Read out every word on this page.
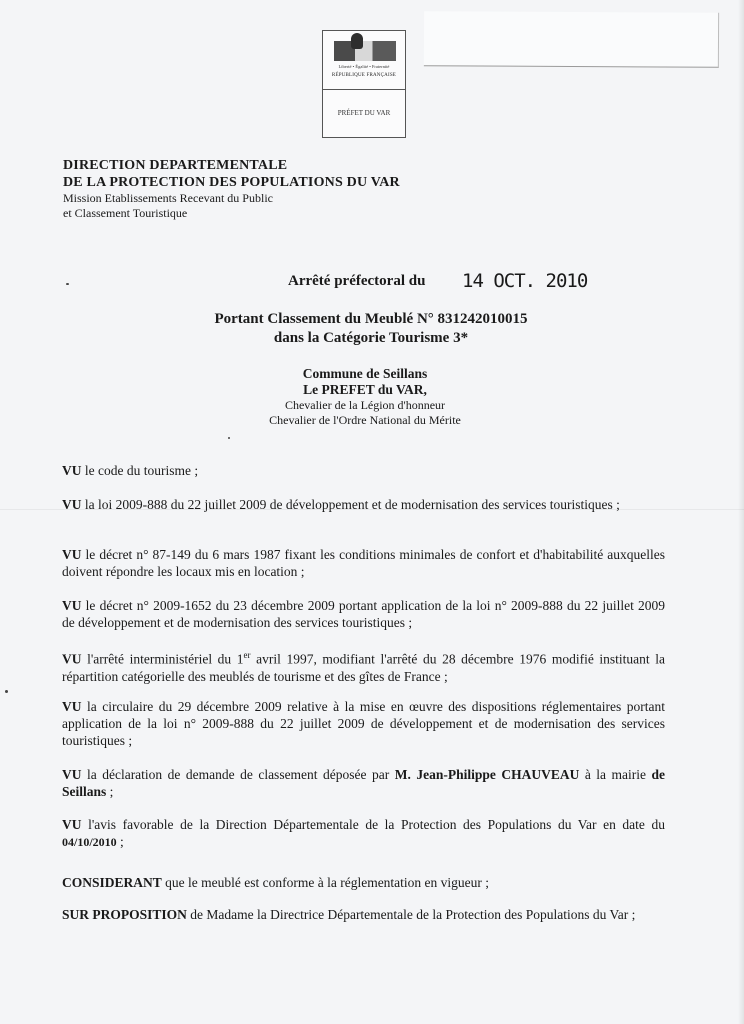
Liberté • Égalité • Fraternité
RÉPUBLIQUE FRANÇAISE
PRÉFET DU VAR
DIRECTION DEPARTEMENTALE
DE LA PROTECTION DES POPULATIONS DU VAR
Mission Etablissements Recevant du Public
et Classement Touristique
Arrêté préfectoral du 14 OCT. 2010
Portant Classement du Meublé N° 831242010015
dans la Catégorie Tourisme 3*
Commune de Seillans
Le PREFET du VAR,
Chevalier de la Légion d'honneur
Chevalier de l'Ordre National du Mérite
VU le code du tourisme ;
VU la loi 2009-888 du 22 juillet 2009 de développement et de modernisation des services touristiques ;
VU le décret n° 87-149 du 6 mars 1987 fixant les conditions minimales de confort et d'habitabilité auxquelles doivent répondre les locaux mis en location ;
VU le décret n° 2009-1652 du 23 décembre 2009 portant application de la loi n° 2009-888 du 22 juillet 2009 de développement et de modernisation des services touristiques ;
VU l'arrêté interministériel du 1er avril 1997, modifiant l'arrêté du 28 décembre 1976 modifié instituant la répartition catégorielle des meublés de tourisme et des gîtes de France ;
VU la circulaire du 29 décembre 2009 relative à la mise en œuvre des dispositions réglementaires portant application de la loi n° 2009-888 du 22 juillet 2009 de développement et de modernisation des services touristiques ;
VU la déclaration de demande de classement déposée par M. Jean-Philippe CHAUVEAU à la mairie de Seillans ;
VU l'avis favorable de la Direction Départementale de la Protection des Populations du Var en date du 04/10/2010 ;
CONSIDERANT que le meublé est conforme à la réglementation en vigueur ;
SUR PROPOSITION de Madame la Directrice Départementale de la Protection des Populations du Var ;
